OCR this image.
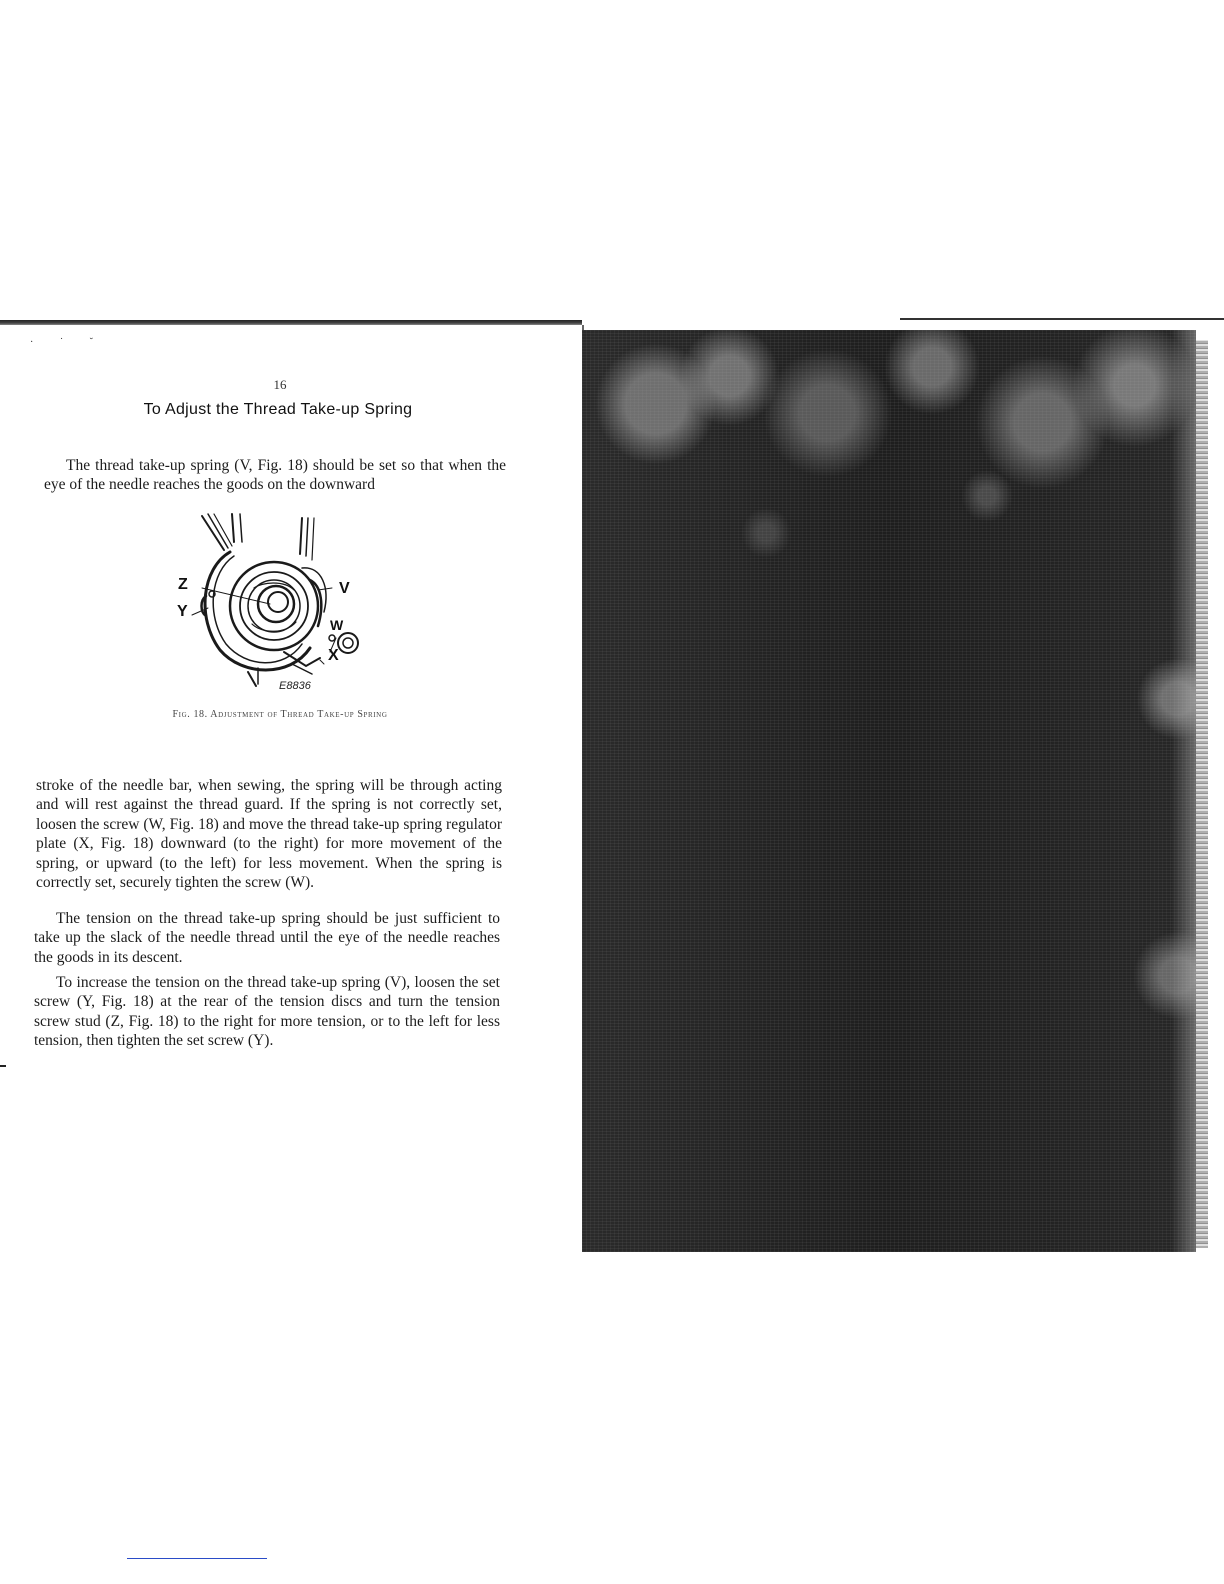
· ˙ ˘
16
To Adjust the Thread Take-up Spring

The thread take-up spring (V, Fig. 18) should be set so that when the eye of the needle reaches the goods on the downward

Z
Y
V
W
X
E8836
Fig. 18. Adjustment of Thread Take-up Spring

stroke of the needle bar, when sewing, the spring will be through acting and will rest against the thread guard. If the spring is not correctly set, loosen the screw (W, Fig. 18) and move the thread take-up spring regulator plate (X, Fig. 18) downward (to the right) for more movement of the spring, or upward (to the left) for less movement. When the spring is correctly set, securely tighten the screw (W).

The tension on the thread take-up spring should be just sufficient to take up the slack of the needle thread until the eye of the needle reaches the goods in its descent.

To increase the tension on the thread take-up spring (V), loosen the set screw (Y, Fig. 18) at the rear of the tension discs and turn the tension screw stud (Z, Fig. 18) to the right for more tension, or to the left for less tension, then tighten the set screw (Y).
